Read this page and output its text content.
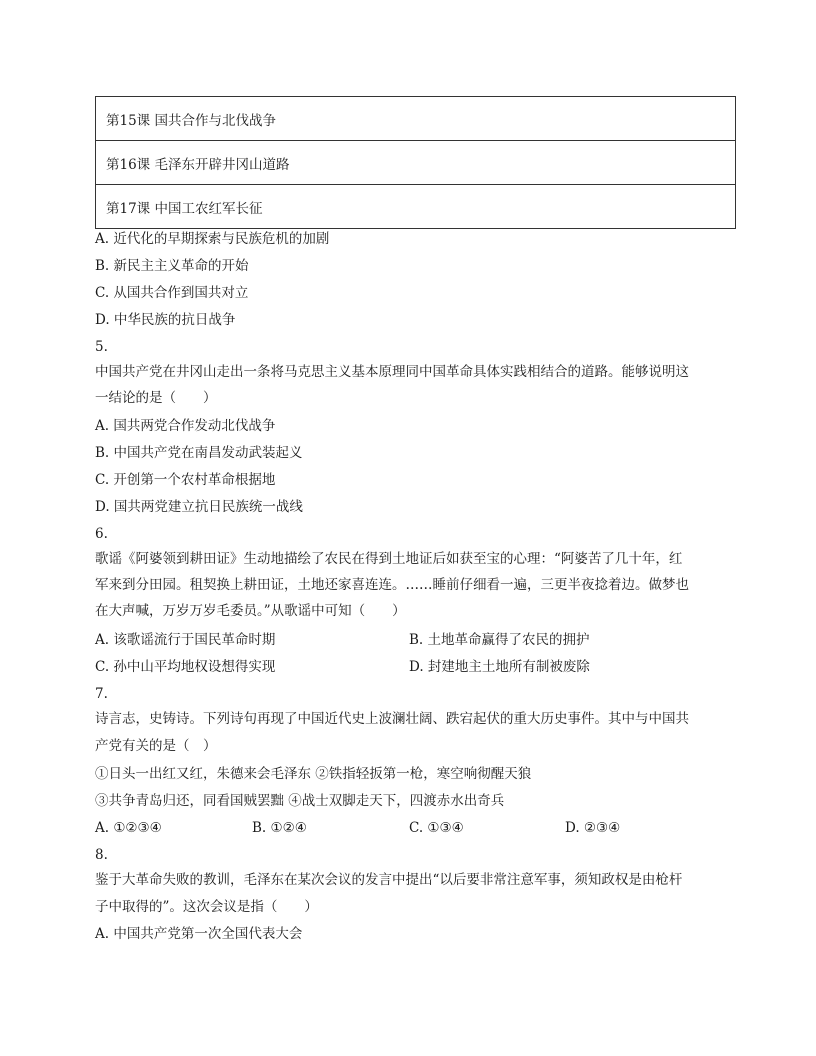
第15课 国共合作与北伐战争
第16课 毛泽东开辟井冈山道路
第17课 中国工农红军长征
A. 近代化的早期探索与民族危机的加剧
B. 新民主主义革命的开始
C. 从国共合作到国共对立
D. 中华民族的抗日战争
5.
中国共产党在井冈山走出一条将马克思主义基本原理同中国革命具体实践相结合的道路。能够说明这
一结论的是（　　）
A. 国共两党合作发动北伐战争
B. 中国共产党在南昌发动武装起义
C. 开创第一个农村革命根据地
D. 国共两党建立抗日民族统一战线
6.
歌谣《阿婆领到耕田证》生动地描绘了农民在得到土地证后如获至宝的心理：“阿婆苦了几十年，红
军来到分田园。租契换上耕田证，土地还家喜连连。……睡前仔细看一遍，三更半夜捻着边。做梦也
在大声喊，万岁万岁毛委员。”从歌谣中可知（　　）
A. 该歌谣流行于国民革命时期	B. 土地革命赢得了农民的拥护
C. 孙中山平均地权设想得实现	D. 封建地主土地所有制被废除
7.
诗言志，史铸诗。下列诗句再现了中国近代史上波澜壮阔、跌宕起伏的重大历史事件。其中与中国共
产党有关的是（　）
①日头一出红又红，朱德来会毛泽东 ②铁指轻扳第一枪，寒空响彻醒天狼
③共争青岛归还，同看国贼罢黜 ④战士双脚走天下，四渡赤水出奇兵
A. ①②③④	B. ①②④	C. ①③④	D. ②③④
8.
鉴于大革命失败的教训，毛泽东在某次会议的发言中提出“以后要非常注意军事，须知政权是由枪杆
子中取得的”。这次会议是指（　　）
A. 中国共产党第一次全国代表大会
